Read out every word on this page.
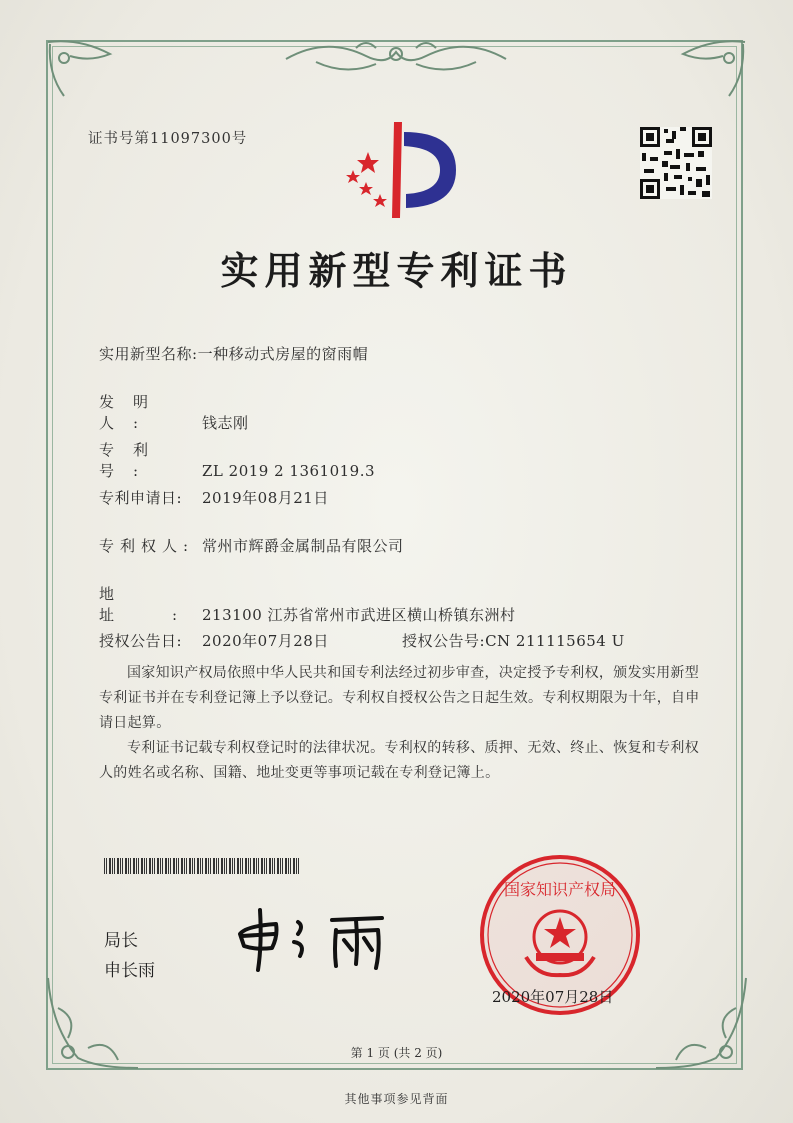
证书号第11097300号
实用新型专利证书
实用新型名称:一种移动式房屋的窗雨帽
发明人:	钱志刚
专利号:	ZL 2019 2 1361019.3
专利申请日: 2019年08月21日
专利权人: 常州市辉爵金属制品有限公司
地址:213100 江苏省常州市武进区横山桥镇东洲村
授权公告日: 2020年07月28日	授权公告号:CN 211115654 U

国家知识产权局依照中华人民共和国专利法经过初步审查，决定授予专利权，颁发实用新型专利证书并在专利登记簿上予以登记。专利权自授权公告之日起生效。专利权期限为十年，自申请日起算。

专利证书记载专利权登记时的法律状况。专利权的转移、质押、无效、终止、恢复和专利权人的姓名或名称、国籍、地址变更等事项记载在专利登记簿上。

局长
申长雨
国家知识产权局
2020年07月28日
第 1 页 (共 2 页)
其他事项参见背面
